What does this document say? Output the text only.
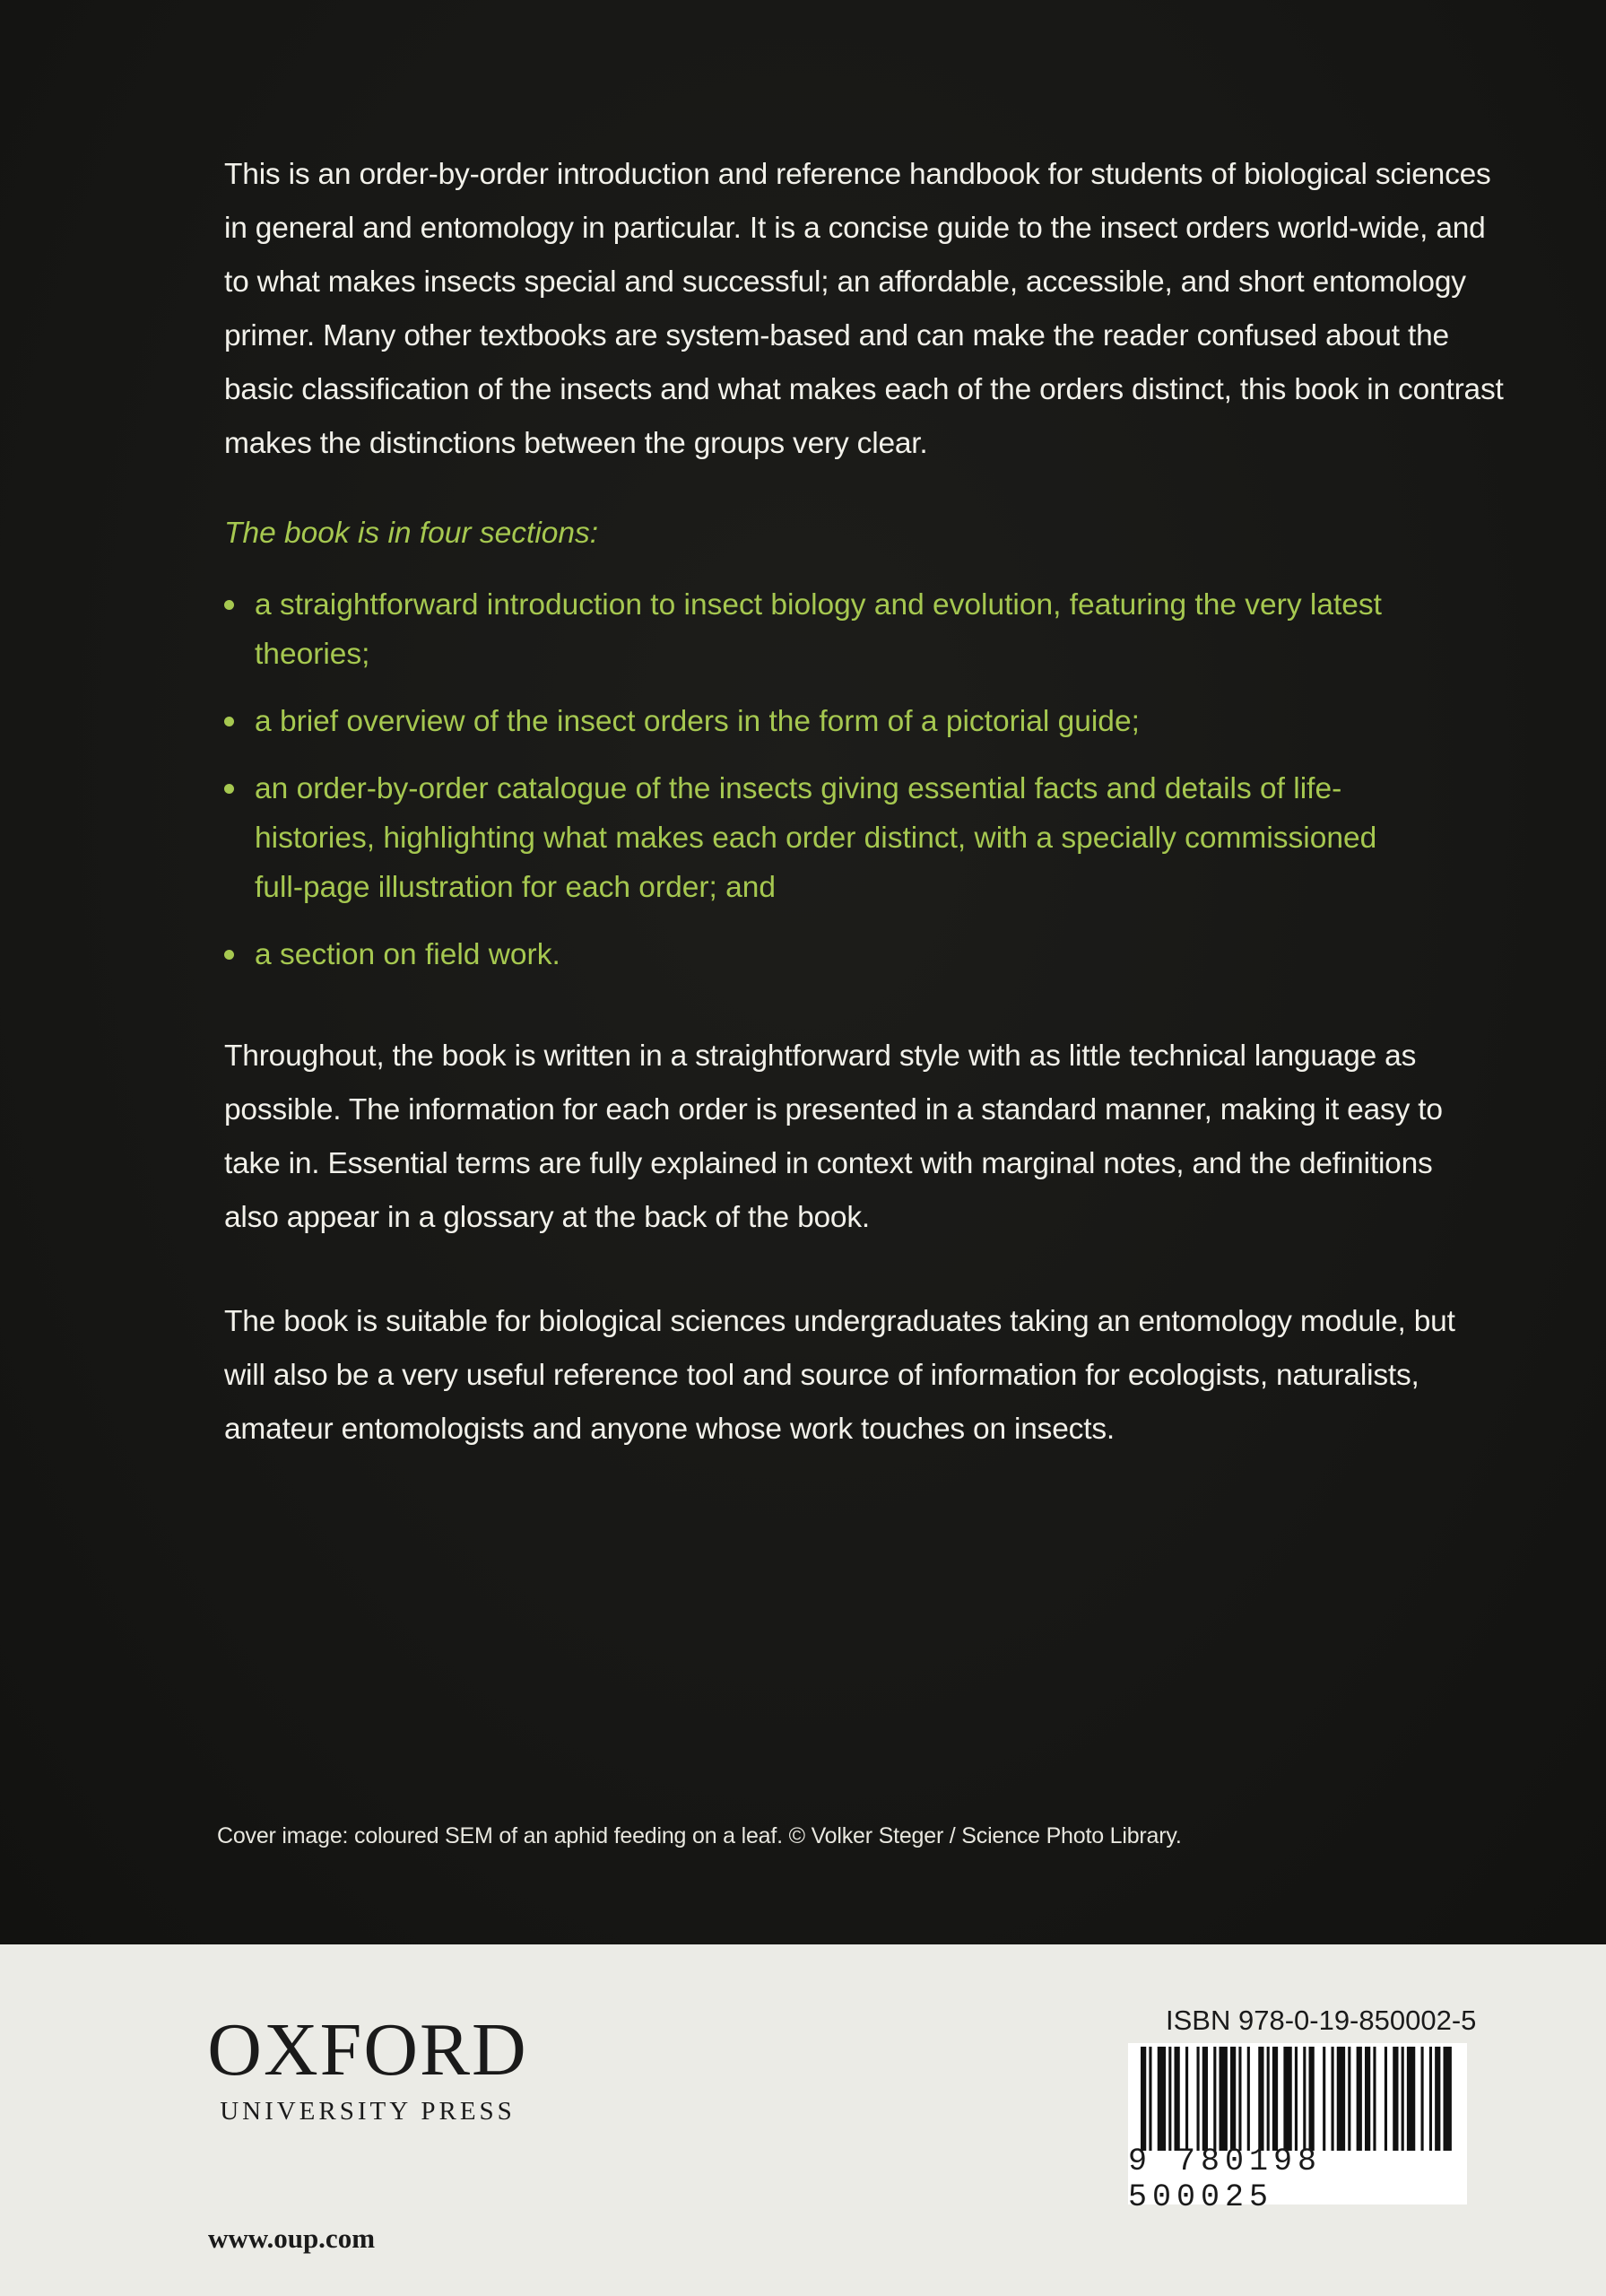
This is an order-by-order introduction and reference handbook for students of biological sciences in general and entomology in particular. It is a concise guide to the insect orders world-wide, and to what makes insects special and successful; an affordable, accessible, and short entomology primer. Many other textbooks are system-based and can make the reader confused about the basic classification of the insects and what makes each of the orders distinct, this book in contrast makes the distinctions between the groups very clear.

The book is in four sections:

a straightforward introduction to insect biology and evolution, featuring the very latest theories;
a brief overview of the insect orders in the form of a pictorial guide;
an order-by-order catalogue of the insects giving essential facts and details of life-histories, highlighting what makes each order distinct, with a specially commissioned full-page illustration for each order; and
a section on field work.

Throughout, the book is written in a straightforward style with as little technical language as possible. The information for each order is presented in a standard manner, making it easy to take in. Essential terms are fully explained in context with marginal notes, and the definitions also appear in a glossary at the back of the book.

The book is suitable for biological sciences undergraduates taking an entomology module, but will also be a very useful reference tool and source of information for ecologists, naturalists, amateur entomologists and anyone whose work touches on insects.

Cover image: coloured SEM of an aphid feeding on a leaf. © Volker Steger / Science Photo Library.
OXFORD
UNIVERSITY PRESS
www.oup.com
ISBN 978-0-19-850002-5
9 780198 500025
